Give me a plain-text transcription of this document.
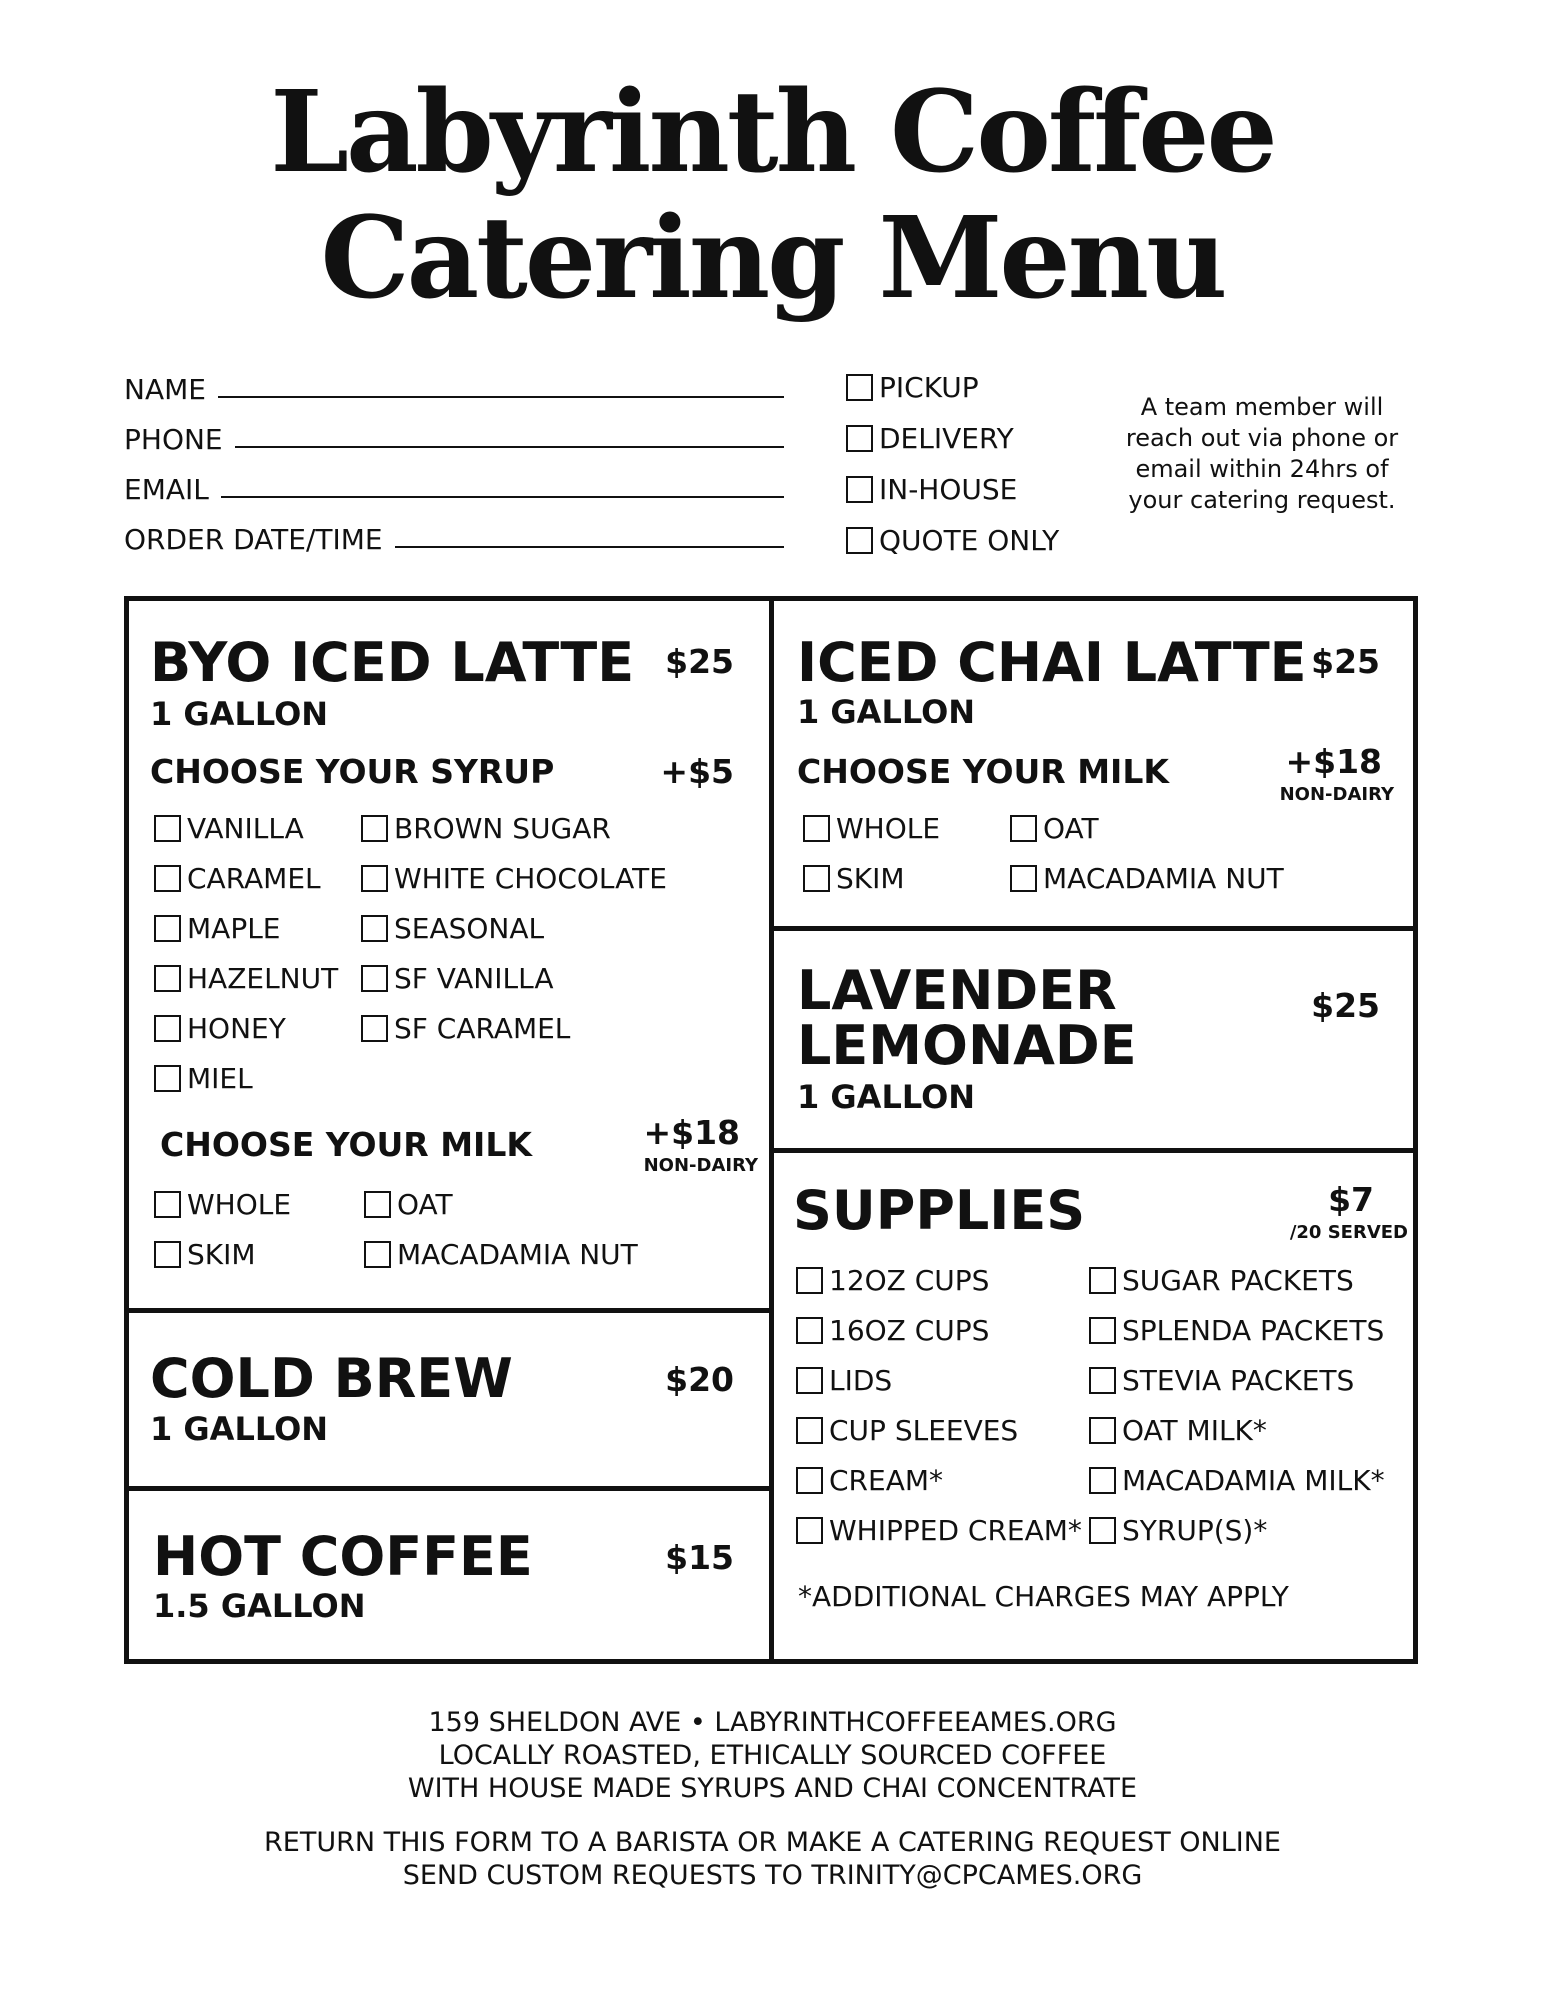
Labyrinth Coffee
Catering Menu
NAME
PHONE
EMAIL
ORDER DATE/TIME
PICKUP
DELIVERY
IN-HOUSE
QUOTE ONLY
A team member will reach out via phone or email within 24hrs of your catering request.
BYO ICED LATTE
1 GALLON
$25
CHOOSE YOUR SYRUP	+$5
VANILLA
CARAMEL
MAPLE
HAZELNUT
HONEY
MIEL
BROWN SUGAR
WHITE CHOCOLATE
SEASONAL
SF VANILLA
SF CARAMEL
CHOOSE YOUR MILK	+$18
NON-DAIRY
WHOLE
SKIM
OAT
MACADAMIA NUT
COLD BREW
1 GALLON
$20
HOT COFFEE
1.5 GALLON
$15
ICED CHAI LATTE
1 GALLON
$25
CHOOSE YOUR MILK	+$18
NON-DAIRY
WHOLE
SKIM
OAT
MACADAMIA NUT
LAVENDER
LEMONADE
1 GALLON
$25
SUPPLIES	$7
/20 SERVED
12OZ CUPS
16OZ CUPS
LIDS
CUP SLEEVES
CREAM*
WHIPPED CREAM*
SUGAR PACKETS
SPLENDA PACKETS
STEVIA PACKETS
OAT MILK*
MACADAMIA MILK*
SYRUP(S)*
*ADDITIONAL CHARGES MAY APPLY
159 SHELDON AVE • LABYRINTHCOFFEEAMES.ORG
LOCALLY ROASTED, ETHICALLY SOURCED COFFEE
WITH HOUSE MADE SYRUPS AND CHAI CONCENTRATE
RETURN THIS FORM TO A BARISTA OR MAKE A CATERING REQUEST ONLINE
SEND CUSTOM REQUESTS TO TRINITY@CPCAMES.ORG
